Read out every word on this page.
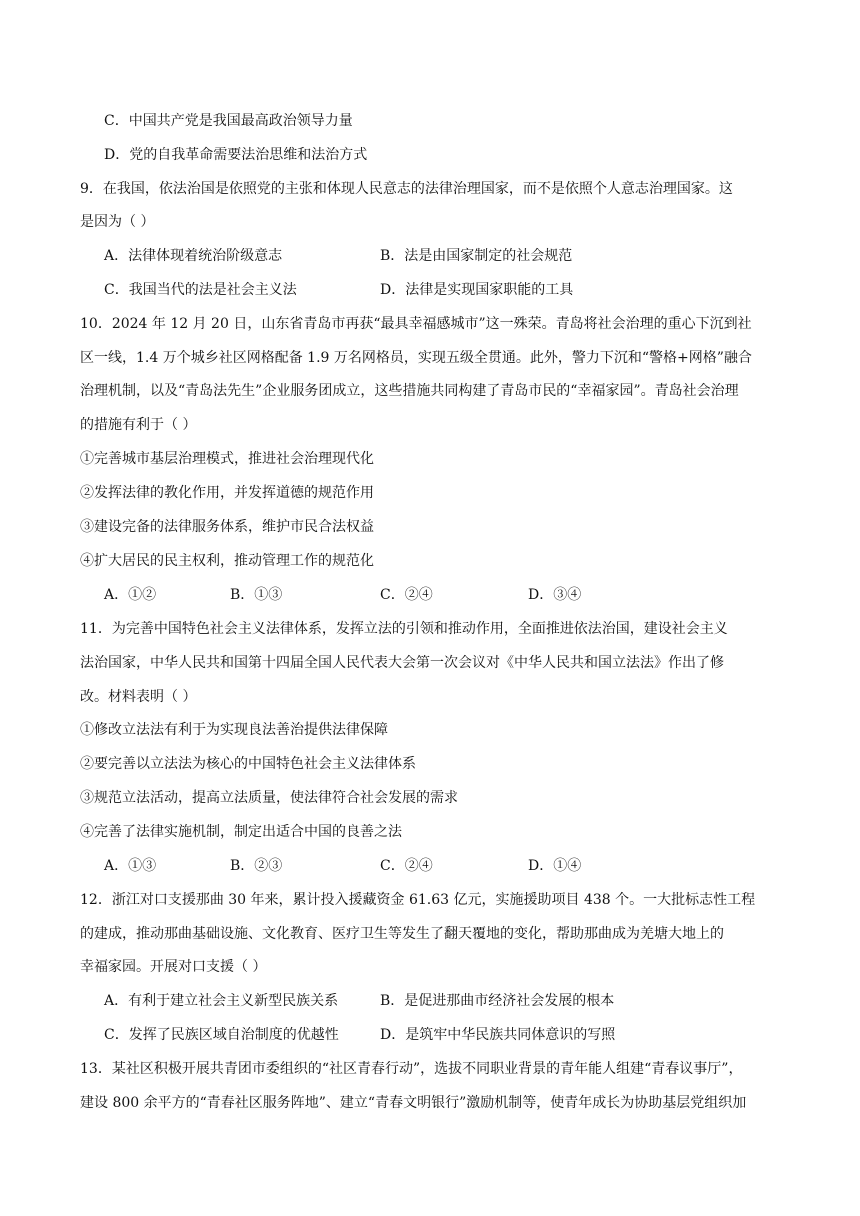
C．中国共产党是我国最高政治领导力量
D．党的自我革命需要法治思维和法治方式
9．在我国，依法治国是依照党的主张和体现人民意志的法律治理国家，而不是依照个人意志治理国家。这
是因为（ ）
A．法律体现着统治阶级意志	B．法是由国家制定的社会规范
C．我国当代的法是社会主义法	D．法律是实现国家职能的工具
10．2024 年 12 月 20 日，山东省青岛市再获“最具幸福感城市”这一殊荣。青岛将社会治理的重心下沉到社
区一线，1.4 万个城乡社区网格配备 1.9 万名网格员，实现五级全贯通。此外，警力下沉和“警格+网格”融合
治理机制，以及“青岛法先生”企业服务团成立，这些措施共同构建了青岛市民的“幸福家园”。青岛社会治理
的措施有利于（ ）
①完善城市基层治理模式，推进社会治理现代化
②发挥法律的教化作用，并发挥道德的规范作用
③建设完备的法律服务体系，维护市民合法权益
④扩大居民的民主权利，推动管理工作的规范化
A．①②	B．①③	C．②④	D．③④
11．为完善中国特色社会主义法律体系，发挥立法的引领和推动作用，全面推进依法治国，建设社会主义
法治国家，中华人民共和国第十四届全国人民代表大会第一次会议对《中华人民共和国立法法》作出了修
改。材料表明（ ）
①修改立法法有利于为实现良法善治提供法律保障
②要完善以立法法为核心的中国特色社会主义法律体系
③规范立法活动，提高立法质量，使法律符合社会发展的需求
④完善了法律实施机制，制定出适合中国的良善之法
A．①③	B．②③	C．②④	D．①④
12．浙江对口支援那曲 30 年来，累计投入援藏资金 61.63 亿元，实施援助项目 438 个。一大批标志性工程
的建成，推动那曲基础设施、文化教育、医疗卫生等发生了翻天覆地的变化，帮助那曲成为羌塘大地上的
幸福家园。开展对口支援（ ）
A．有利于建立社会主义新型民族关系	B．是促进那曲市经济社会发展的根本
C．发挥了民族区域自治制度的优越性	D．是筑牢中华民族共同体意识的写照
13．某社区积极开展共青团市委组织的“社区青春行动”，选拔不同职业背景的青年能人组建“青春议事厅”，
建设 800 余平方的“青春社区服务阵地”、建立“青春文明银行”激励机制等，使青年成长为协助基层党组织加
